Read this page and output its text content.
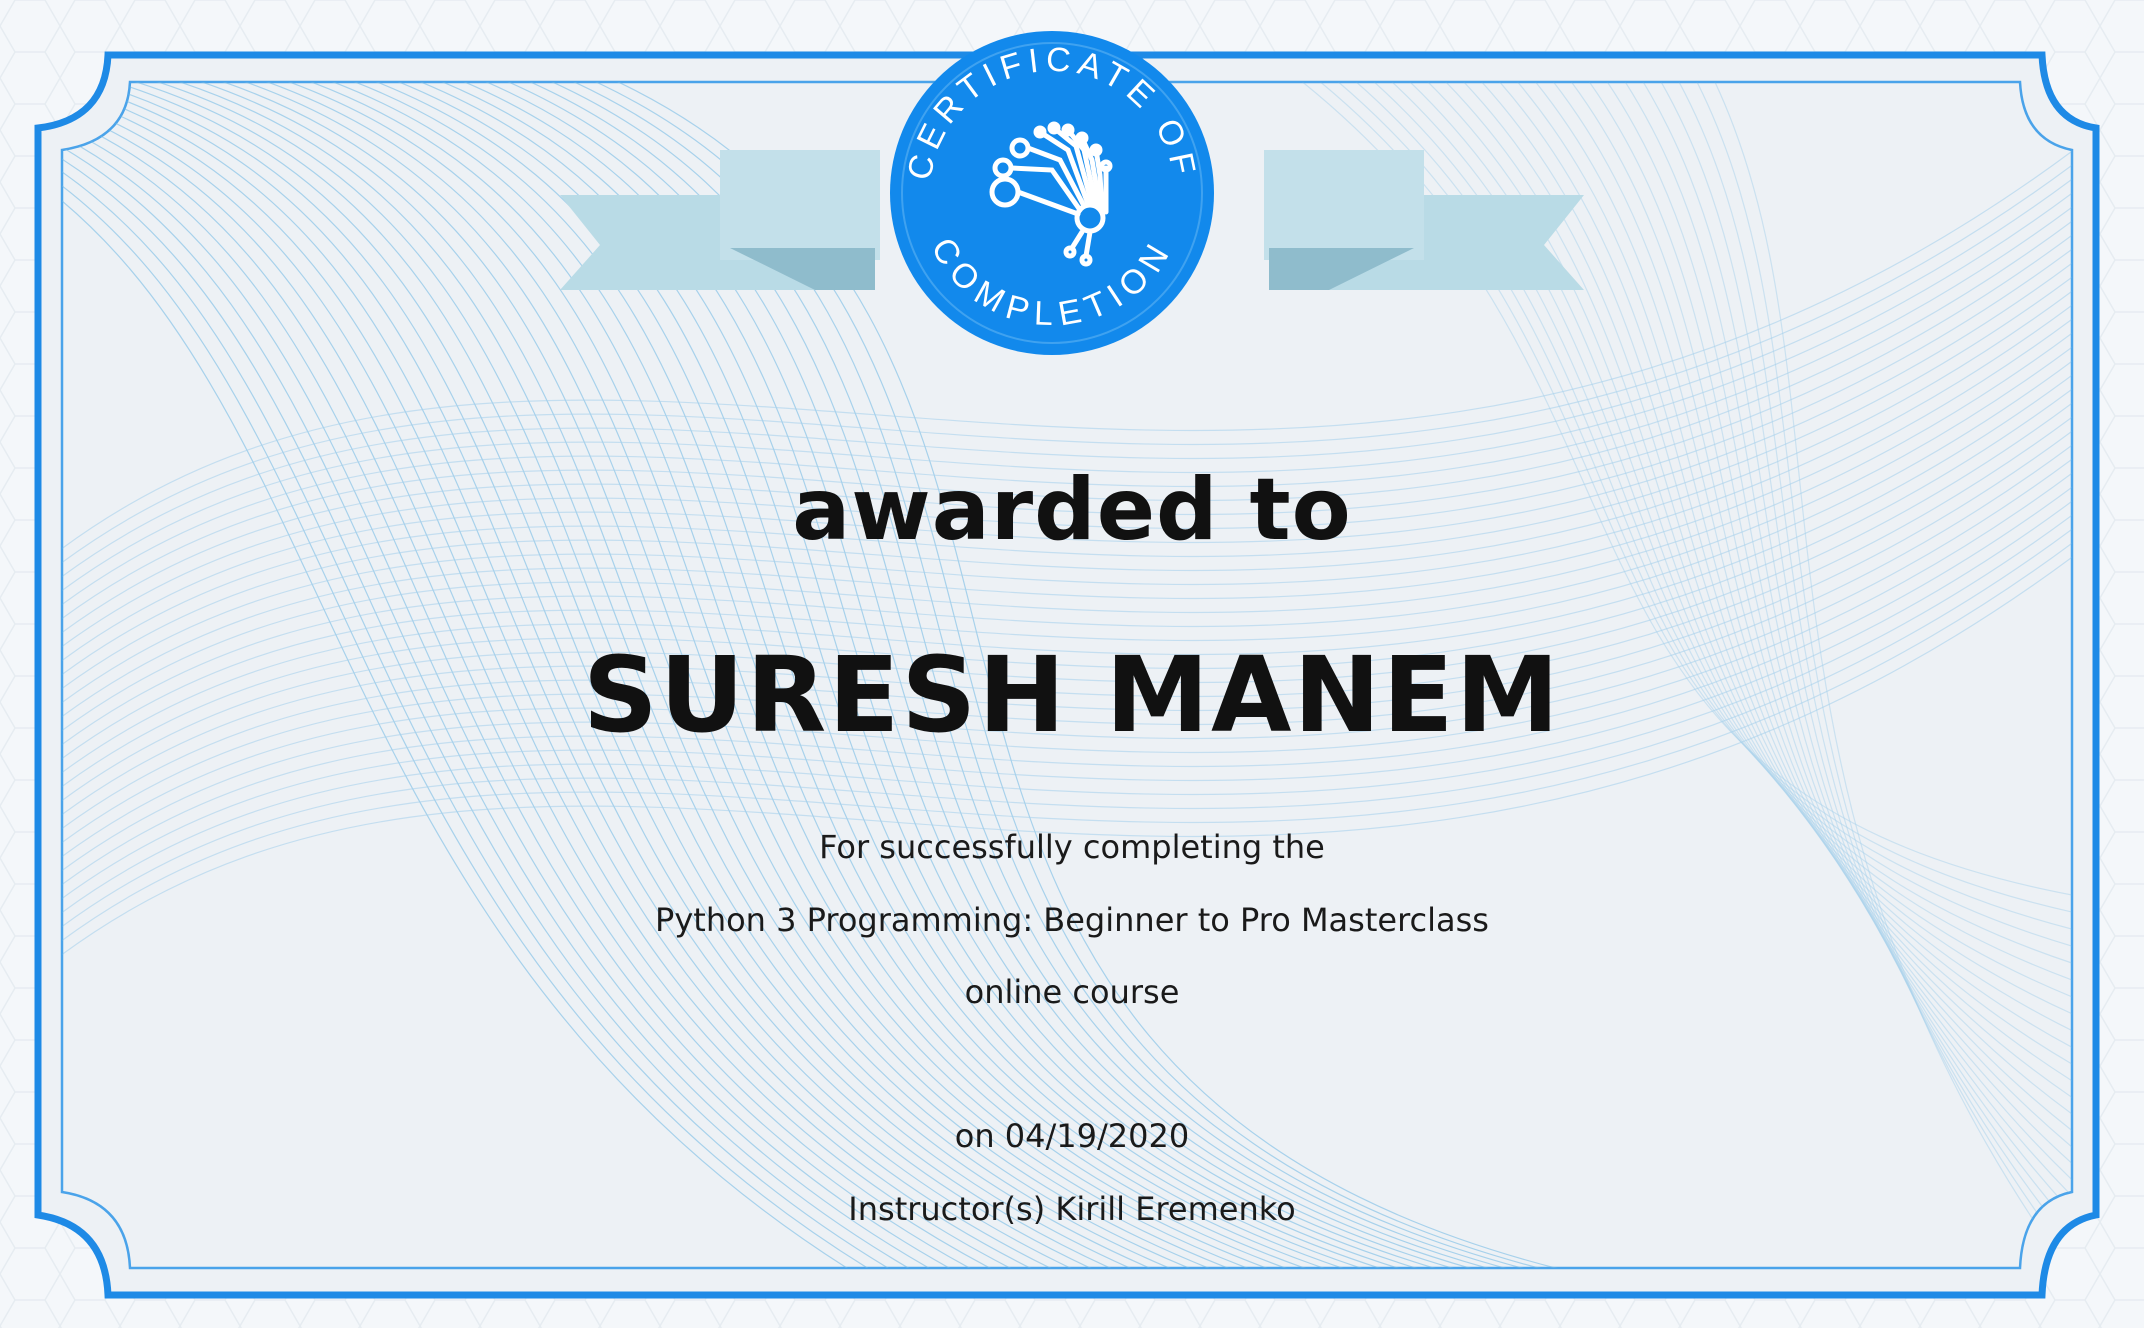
CERTIFICATE OF
COMPLETION

awarded to

SURESH MANEM

For successfully completing the

Python 3 Programming: Beginner to Pro Masterclass

online course

on 04/19/2020

Instructor(s) Kirill Eremenko
